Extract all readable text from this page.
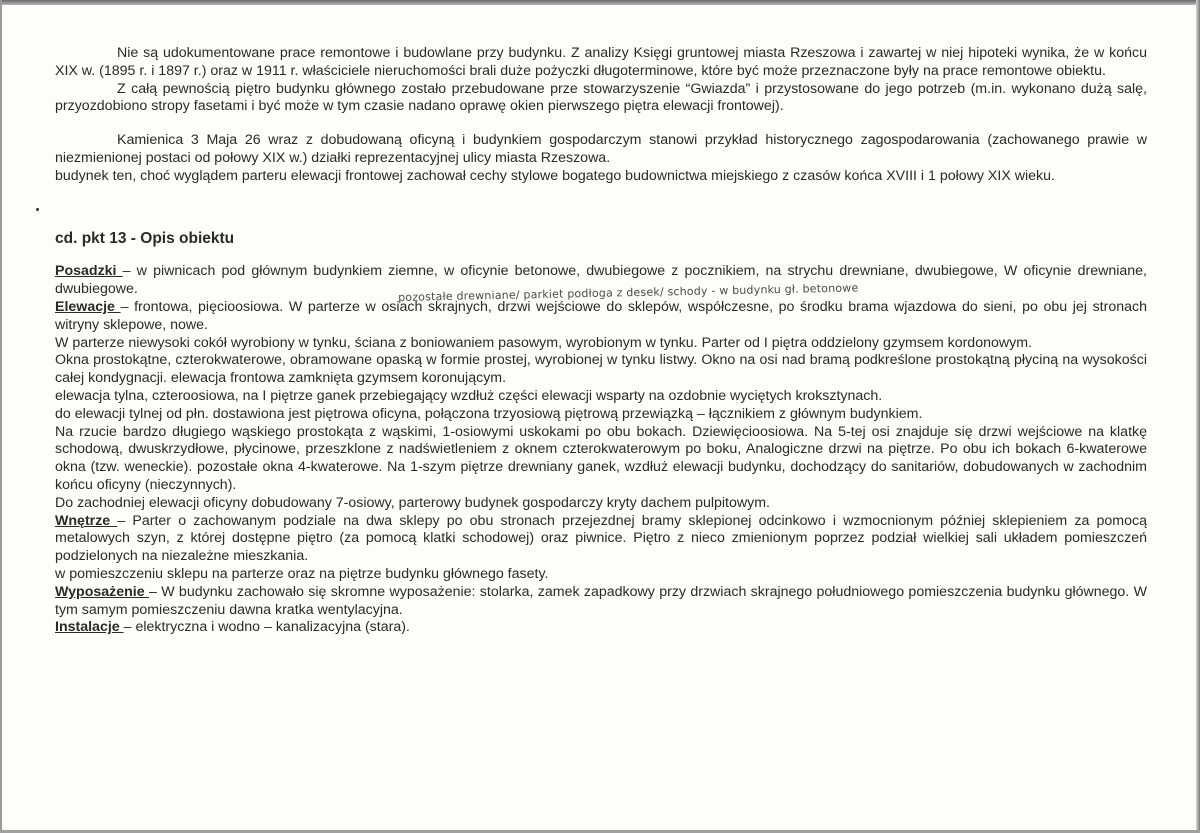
Nie są udokumentowane prace remontowe i budowlane przy budynku. Z analizy Księgi gruntowej miasta Rzeszowa i zawartej w niej hipoteki wynika, że w końcu XIX w. (1895 r. i 1897 r.) oraz w 1911 r. właściciele nieruchomości brali duże pożyczki długoterminowe, które być może przeznaczone były na prace remontowe obiektu.

Z całą pewnością piętro budynku głównego zostało przebudowane prze stowarzyszenie “Gwiazda” i przystosowane do jego potrzeb (m.in. wykonano dużą salę, przyozdobiono stropy fasetami i być może w tym czasie nadano oprawę okien pierwszego piętra elewacji frontowej).

Kamienica 3 Maja 26 wraz z dobudowaną oficyną i budynkiem gospodarczym stanowi przykład historycznego zagospodarowania (zachowanego prawie w niezmienionej postaci od połowy XIX w.) działki reprezentacyjnej ulicy miasta Rzeszowa.

budynek ten, choć wyglądem parteru elewacji frontowej zachował cechy stylowe bogatego budownictwa miejskiego z czasów końca XVIII i 1 połowy XIX wieku.

cd. pkt 13 - Opis obiektu

Posadzki – w piwnicach pod głównym budynkiem ziemne, w oficynie betonowe, dwubiegowe z pocznikiem, na strychu drewniane, dwubiegowe, W oficynie drewniane, dwubiegowe.

Elewacje – frontowa, pięcioosiowa. W parterze w osiach skrajnych, drzwi wejściowe do sklepów, współczesne, po środku brama wjazdowa do sieni, po obu jej stronach witryny sklepowe, nowe.

W parterze niewysoki cokół wyrobiony w tynku, ściana z boniowaniem pasowym, wyrobionym w tynku. Parter od I piętra oddzielony gzymsem kordonowym.

Okna prostokątne, czterokwaterowe, obramowane opaską w formie prostej, wyrobionej w tynku listwy. Okno na osi nad bramą podkreślone prostokątną płyciną na wysokości całej kondygnacji. elewacja frontowa zamknięta gzymsem koronującym.

elewacja tylna, czteroosiowa, na I piętrze ganek przebiegający wzdłuż części elewacji wsparty na ozdobnie wyciętych kroksztynach.

do elewacji tylnej od płn. dostawiona jest piętrowa oficyna, połączona trzyosiową piętrową przewiązką – łącznikiem z głównym budynkiem.

Na rzucie bardzo długiego wąskiego prostokąta z wąskimi, 1-osiowymi uskokami po obu bokach. Dziewięcioosiowa. Na 5-tej osi znajduje się drzwi wejściowe na klatkę schodową, dwuskrzydłowe, płycinowe, przeszklone z nadświetleniem z oknem czterokwaterowym po boku, Analogiczne drzwi na piętrze. Po obu ich bokach 6-kwaterowe okna (tzw. weneckie). pozostałe okna 4-kwaterowe. Na 1-szym piętrze drewniany ganek, wzdłuż elewacji budynku, dochodzący do sanitariów, dobudowanych w zachodnim końcu oficyny (nieczynnych).

Do zachodniej elewacji oficyny dobudowany 7-osiowy, parterowy budynek gospodarczy kryty dachem pulpitowym.

Wnętrze – Parter o zachowanym podziale na dwa sklepy po obu stronach przejezdnej bramy sklepionej odcinkowo i wzmocnionym później sklepieniem za pomocą metalowych szyn, z której dostępne piętro (za pomocą klatki schodowej) oraz piwnice. Piętro z nieco zmienionym poprzez podział wielkiej sali układem pomieszczeń podzielonych na niezależne mieszkania.

w pomieszczeniu sklepu na parterze oraz na piętrze budynku głównego fasety.

Wyposażenie – W budynku zachowało się skromne wyposażenie: stolarka, zamek zapadkowy przy drzwiach skrajnego południowego pomieszczenia budynku głównego. W tym samym pomieszczeniu dawna kratka wentylacyjna.

Instalacje – elektryczna i wodno – kanalizacyjna (stara).

pozostałe drewniane/ parkiet podłoga z desek/ schody - w budynku gł. betonowe
